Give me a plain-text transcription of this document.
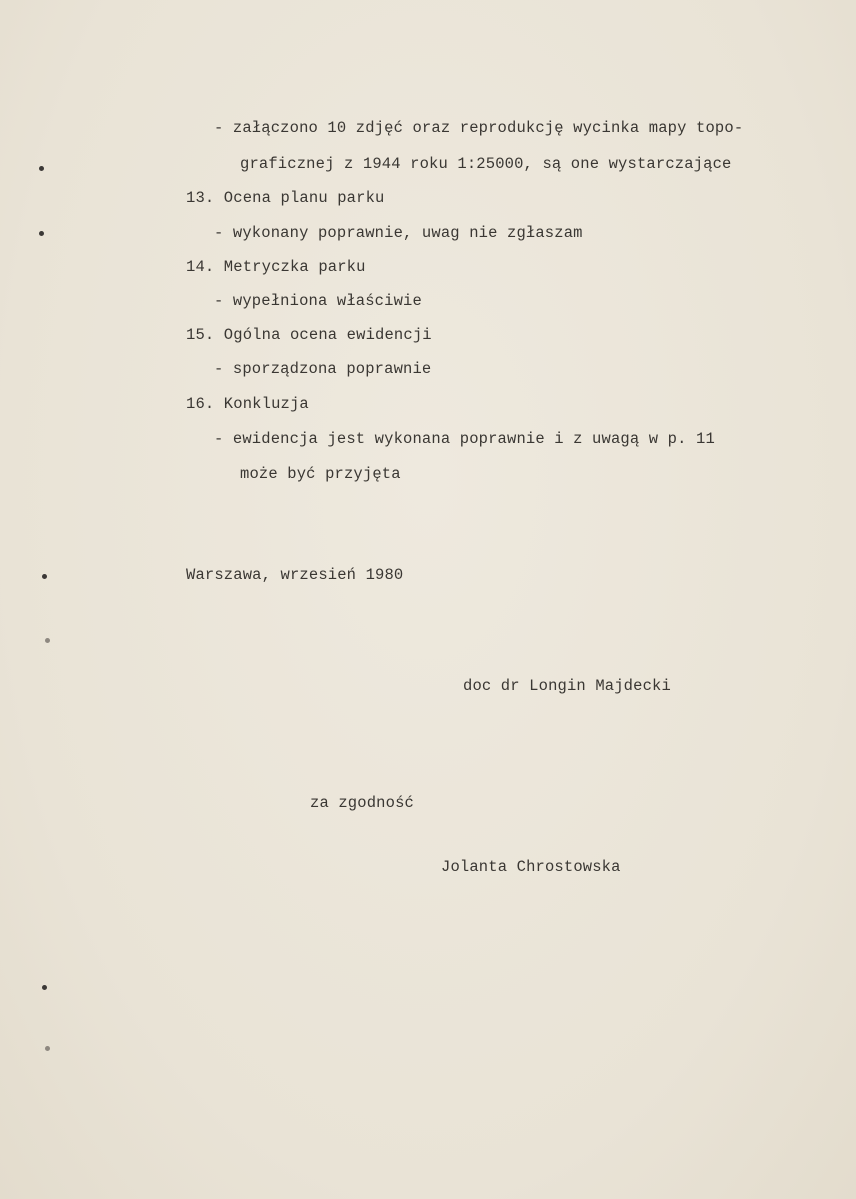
- załączono 10 zdjęć oraz reprodukcję wycinka mapy topo-
graficznej z 1944 roku 1:25000, są one wystarczające
13. Ocena planu parku
- wykonany poprawnie, uwag nie zgłaszam
14. Metryczka parku
- wypełniona właściwie
15. Ogólna ocena ewidencji
- sporządzona poprawnie
16. Konkluzja
- ewidencja jest wykonana poprawnie i z uwagą w p. 11
może być przyjęta
Warszawa, wrzesień 1980
doc dr Longin Majdecki
za zgodność
Jolanta Chrostowska
